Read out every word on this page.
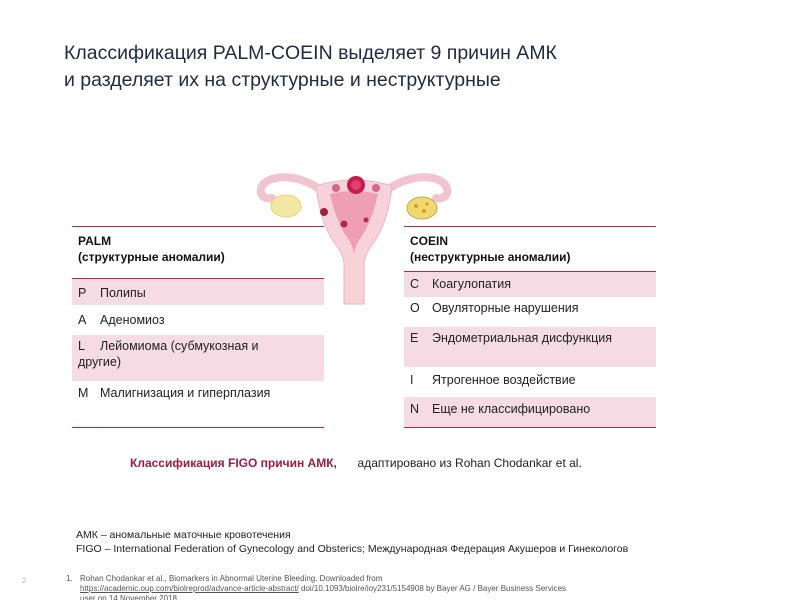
Классификация PALM-COEIN выделяет 9 причин АМК
и разделяет их на структурные и неструктурные
PALM
(структурные аномалии)
P Полипы
A Аденомиоз
L Лейомиома (субмукозная и
другие)
M Малигнизация и гиперплазия
COEIN
(неструктурные аномалии)
C Коагулопатия
O Овуляторные нарушения
E Эндометриальная дисфункция
I Ятрогенное воздействие
N Еще не классифицировано
Классификация FIGO причин АМК, адаптировано из Rohan Chodankar et al.
АМК – аномальные маточные кровотечения
FIGO – International Federation of Gynecology and Obsterics; Международная Федерация Акушеров и Гинекологов
2	1. Rohan Chodankar et al., Biomarkers in Abnormal Uterine Bleeding. Downloaded from
https://academic.oup.com/biolreprod/advance-article-abstract/ doi/10.1093/biolre/ioy231/5154908 by Bayer AG / Bayer Business Services
user on 14 November 2018
